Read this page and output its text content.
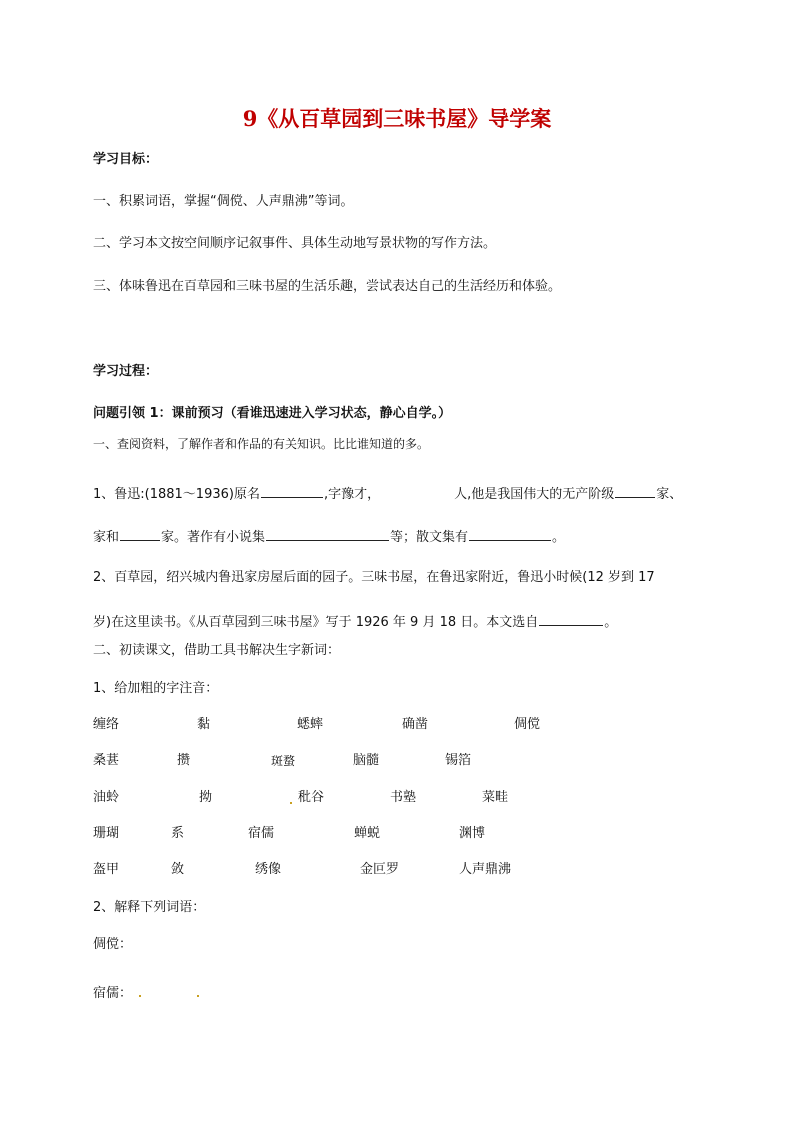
9《从百草园到三味书屋》导学案
学习目标：
一、积累词语，掌握“倜傥、人声鼎沸”等词。
二、学习本文按空间顺序记叙事件、具体生动地写景状物的写作方法。
三、体味鲁迅在百草园和三味书屋的生活乐趣，尝试表达自己的生活经历和体验。
学习过程：
问题引领 1：课前预习（看谁迅速进入学习状态，静心自学。）
一、查阅资料，了解作者和作品的有关知识。比比谁知道的多。
1、鲁迅:(1881～1936)原名	,字豫才，	人,他是我国伟大的无产阶级	家、
家和	家。著作有小说集	等；散文集有	。
2、百草园，绍兴城内鲁迅家房屋后面的园子。三味书屋，在鲁迅家附近，鲁迅小时候(12 岁到 17
岁)在这里读书。《从百草园到三味书屋》写于 1926 年 9 月 18 日。本文选自	。
二、初读课文，借助工具书解决生字新词：
1、给加粗的字注音：
缠络	黏	蟋蟀	确凿	倜傥
桑葚	攒	斑蝥	脑髓	锡箔
油蛉	拗	秕谷	书塾	菜畦
珊瑚	系	宿儒	蝉蜕	渊博
盔甲	敛	绣像	金叵罗	人声鼎沸
2、解释下列词语：
倜傥：
宿儒：
